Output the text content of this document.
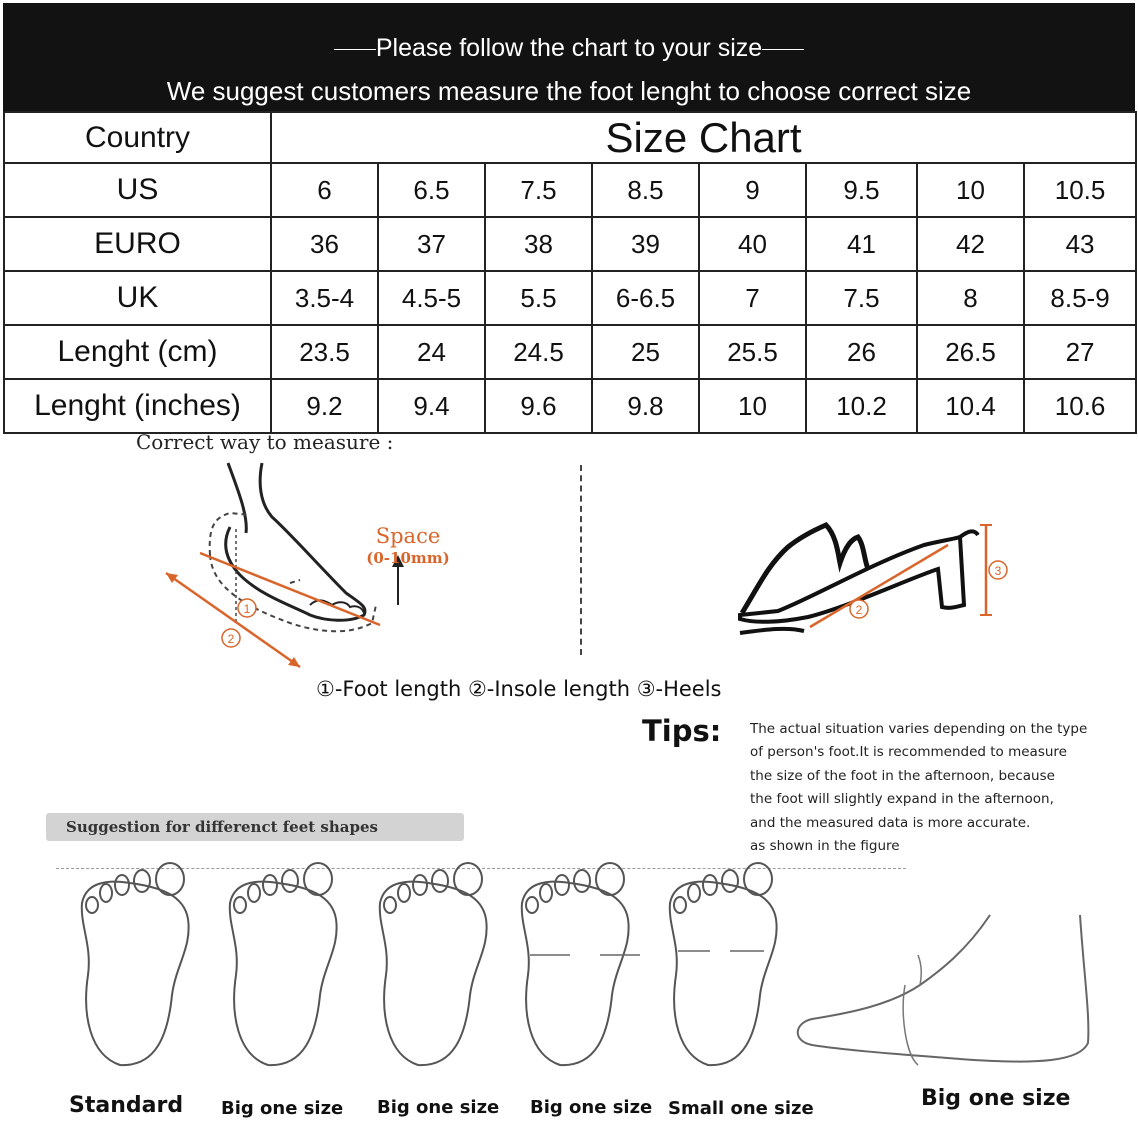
Please follow the chart to your size
We suggest customers measure the foot lenght to choose correct size
Country	Size Chart							
US	6	6.5	7.5	8.5	9	9.5	10	10.5
EURO	36	37	38	39	40	41	42	43
UK	3.5-4	4.5-5	5.5	6-6.5	7	7.5	8	8.5-9
Lenght (cm)	23.5	24	24.5	25	25.5	26	26.5	27
Lenght (inches)	9.2	9.4	9.6	9.8	10	10.2	10.4	10.6
Correct way to measure :
1
2
Space
(0-10mm)
2
3
①-Foot length ②-Insole length ③-Heels
Tips: The actual situation varies depending on the type
of person's foot.It is recommended to measure
the size of the foot in the afternoon, because
the foot will slightly expand in the afternoon,
and the measured data is more accurate.
as shown in the figure
Suggestion for differenct feet shapes
Standard Big one size Big one size Big one size Small one size	Big one size
